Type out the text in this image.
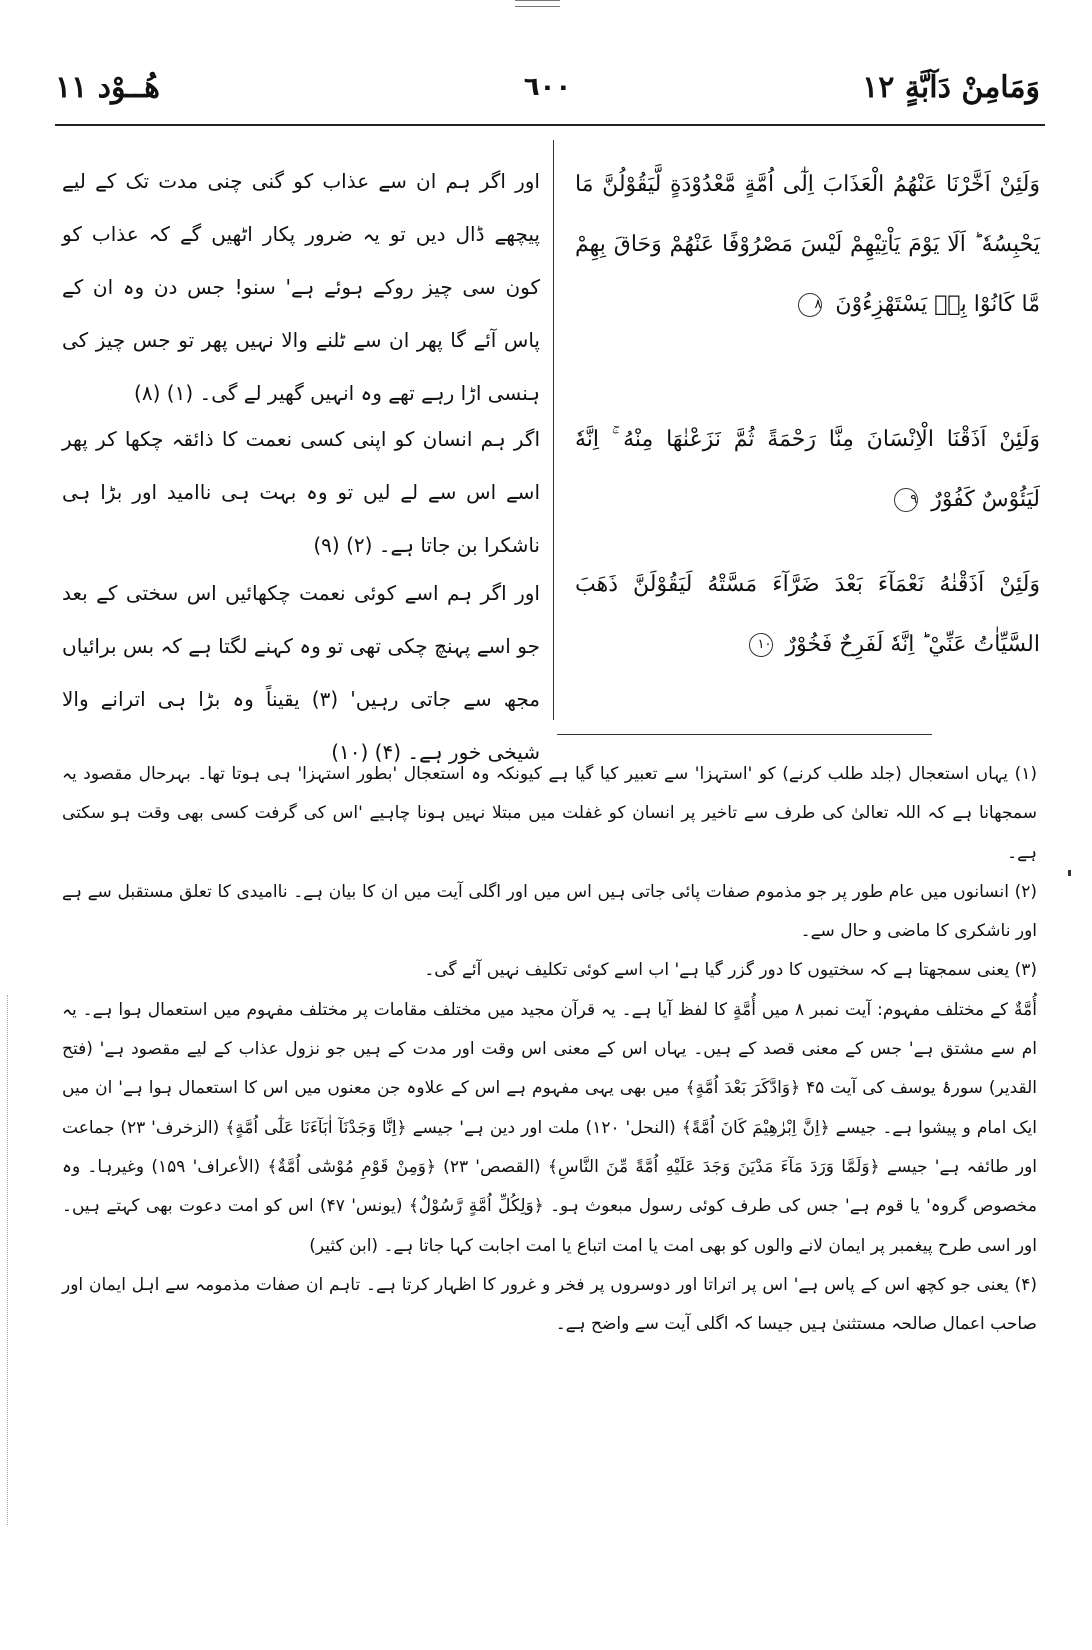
وَمَامِنْ دَآبَّةٍ ١٢
٦٠٠
هُــوْد ١١
وَلَئِنْ اَخَّرْنَا عَنْهُمُ الْعَذَابَ اِلٰٓى اُمَّةٍ مَّعْدُوْدَةٍ لَّيَقُوْلُنَّ مَا يَحْبِسُهٗ ؕ اَلَا يَوْمَ يَاْتِيْهِمْ لَيْسَ مَصْرُوْفًا عَنْهُمْ وَحَاقَ بِهِمْ مَّا كَانُوْا بِهٖ يَسْتَهْزِءُوْنَ ٨
وَلَئِنْ اَذَقْنَا الْاِنْسَانَ مِنَّا رَحْمَةً ثُمَّ نَزَعْنٰهَا مِنْهُ ۚ اِنَّهٗ لَيَئُوْسٌ كَفُوْرٌ ٩
وَلَئِنْ اَذَقْنٰهُ نَعْمَآءَ بَعْدَ ضَرَّآءَ مَسَّتْهُ لَيَقُوْلَنَّ ذَهَبَ السَّيِّاٰتُ عَنِّيْ ؕ اِنَّهٗ لَفَرِحٌ فَخُوْرٌ ١٠
اور اگر ہم ان سے عذاب کو گنی چنی مدت تک کے لیے پیچھے ڈال دیں تو یہ ضرور پکار اٹھیں گے کہ عذاب کو کون سی چیز روکے ہوئے ہے' سنو! جس دن وہ ان کے پاس آئے گا پھر ان سے ٹلنے والا نہیں پھر تو جس چیز کی ہنسی اڑا رہے تھے وہ انہیں گھیر لے گی۔ (۱) (۸)
اگر ہم انسان کو اپنی کسی نعمت کا ذائقہ چکھا کر پھر اسے اس سے لے لیں تو وہ بہت ہی ناامید اور بڑا ہی ناشکرا بن جاتا ہے۔ (۲) (۹)
اور اگر ہم اسے کوئی نعمت چکھائیں اس سختی کے بعد جو اسے پہنچ چکی تھی تو وہ کہنے لگتا ہے کہ بس برائیاں مجھ سے جاتی رہیں' (۳) یقیناً وہ بڑا ہی اترانے والا شیخی خور ہے۔ (۴) (۱۰)

(۱) یہاں استعجال (جلد طلب کرنے) کو 'استہزا' سے تعبیر کیا گیا ہے کیونکہ وہ استعجال 'بطور استہزا' ہی ہوتا تھا۔ بہرحال مقصود یہ سمجھانا ہے کہ اللہ تعالیٰ کی طرف سے تاخیر پر انسان کو غفلت میں مبتلا نہیں ہونا چاہیے 'اس کی گرفت کسی بھی وقت ہو سکتی ہے۔

(۲) انسانوں میں عام طور پر جو مذموم صفات پائی جاتی ہیں اس میں اور اگلی آیت میں ان کا بیان ہے۔ ناامیدی کا تعلق مستقبل سے ہے اور ناشکری کا ماضی و حال سے۔

(۳) یعنی سمجھتا ہے کہ سختیوں کا دور گزر گیا ہے' اب اسے کوئی تکلیف نہیں آئے گی۔

أُمَّةٌ کے مختلف مفہوم: آیت نمبر ۸ میں أُمَّةٍ کا لفظ آیا ہے۔ یہ قرآن مجید میں مختلف مقامات پر مختلف مفہوم میں استعمال ہوا ہے۔ یہ ام سے مشتق ہے' جس کے معنی قصد کے ہیں۔ یہاں اس کے معنی اس وقت اور مدت کے ہیں جو نزول عذاب کے لیے مقصود ہے' (فتح القدیر) سورۂ یوسف کی آیت ۴۵ ﴿وَادَّكَرَ بَعْدَ اُمَّةٍ﴾ میں بھی یہی مفہوم ہے اس کے علاوہ جن معنوں میں اس کا استعمال ہوا ہے' ان میں ایک امام و پیشوا ہے۔ جیسے ﴿اِنَّ اِبْرٰهِيْمَ كَانَ اُمَّةً﴾ (النحل' ۱۲۰) ملت اور دین ہے' جیسے ﴿اِنَّا وَجَدْنَآ اٰبَآءَنَا عَلٰٓى اُمَّةٍ﴾ (الزخرف' ۲۳) جماعت اور طائفہ ہے' جیسے ﴿وَلَمَّا وَرَدَ مَآءَ مَدْيَنَ وَجَدَ عَلَيْهِ اُمَّةً مِّنَ النَّاسِ﴾ (القصص' ۲۳) ﴿وَمِنْ قَوْمِ مُوْسٰٓى اُمَّةٌ﴾ (الأعراف' ۱۵۹) وغیرہا۔ وہ مخصوص گروہ' یا قوم ہے' جس کی طرف کوئی رسول مبعوث ہو۔ ﴿وَلِكُلِّ اُمَّةٍ رَّسُوْلٌ﴾ (یونس' ۴۷) اس کو امت دعوت بھی کہتے ہیں۔ اور اسی طرح پیغمبر پر ایمان لانے والوں کو بھی امت یا امت اتباع یا امت اجابت کہا جاتا ہے۔ (ابن کثیر)

(۴) یعنی جو کچھ اس کے پاس ہے' اس پر اتراتا اور دوسروں پر فخر و غرور کا اظہار کرتا ہے۔ تاہم ان صفات مذمومہ سے اہل ایمان اور صاحب اعمال صالحہ مستثنیٰ ہیں جیسا کہ اگلی آیت سے واضح ہے۔
